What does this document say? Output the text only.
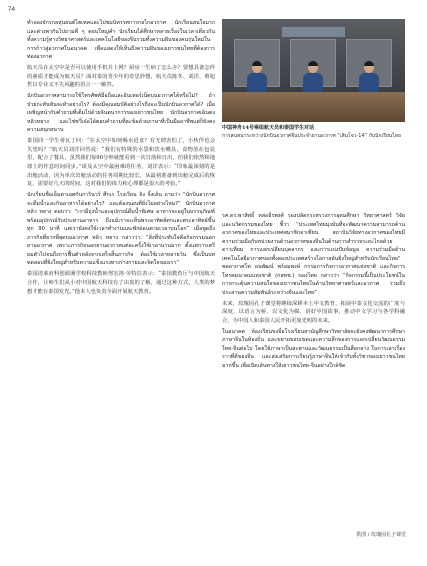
74

ทำลองจักรกลหุ่นยนต์ไฮเทคและไปชมนิทรรศการกลไกอวกาศ นักเรียนสนใจมากและต่างพากันไปถามพี่ ๆ ตอบใหญ่คำ นักเรียนได้ศึกษาหลายเรื่องในเวลาเดียวกัน ทั้งความรู้ทางวิทยาศาสตร์และเทคโนโลยีของจีนรวมทั้งความฝันของคนรุ่นใหม่ในการก้าวสู่อวกาศในอนาคต เพื่อแสดงให้เห็นถึงความฝันของเยาวชนไทยที่ต้องการท่องอวกาศ

航天员在太空中是否可以使用手机并上网？厨房一生病了怎么办？要想具备怎样的素质才能成为航天员？面对泰国青少年的奇思妙想，航天员陈冬、刘洋、蔡旭哲以专业又不失风趣的语言一一解答。

นักบินอวกาศสามารถใช้โทรศัพท์มือถือและอินเทอร์เน็ตบนอวกาศได้หรือไม่? ถ้าป่วยกะทันหันจะทำอย่างไร? ต้องมีคุณสมบัติอย่างไรถึงจะเป็นนักบินอวกาศได้? เมื่อเผชิญหน้ากับคำถามที่เต็มไปด้วยจินตนาการของเยาวชนไทย นักบินอวกาศเฉินตง หลิวหยาง และไช่ซวี่เจ๋อได้ตอบคำถามที่ละข้อด้วยภาษาที่เป็นมืออาชีพแต่ก็ยังคงความสนุกสนาน

泰国同一学生蒂瓦丁问：“在太空中如何喝水进食？有无谓害怕了，小伙伴也会失望吗？”航天员刘洋回答说：“我们有特殊的水袋和饮水嘴具，食物放在包装里，配合了餐具，虽然我们每90分钟就能看到一次日落和日出，但我们依然和地球上的作息时间同步。”谈及太空中最困难的任务，刘洋表示：“印象最深刻的是出舱活动，因为单次出舱活动的任务周期比较长，从最初准备到出舱完成后的恢复，需要好几天的时间，这对我们的体力和心理都是很大的考验。”

นักเรียนชื่อเอ็มตาเอศกันการินวร์ ศึกเร โรงเรียน จิง จิ้งเส้น ถามว่า “นักบินอวกาศจะดื่มน้ำและกินอาหารได้อย่างไร? และต้องนอนที่ยั่งไม่อย่างไหม?” นักบินอวกาศหลิว หยาง ตอบว่า: “เรามีถุงน้ำและอุปกรณ์ดื่มน้ำพิเศษ อาหารจะอยู่ในบรรจุภัณฑ์ พร้อมอุปกรณ์รับประทานอาหาร ถึงแม้เราจะเห็นพระอาทิตย์ตกและพระอาทิตย์ขึ้นทุก 90 นาที แต่เรายังคงใช้เวลาทำงานและพักผ่อนตามเวลาบนโลก” เมื่อพูดถึงภารกิจที่ยากที่สุดบนอวกาศ หลิว หยาง กล่าวว่า: “สิ่งที่ประทับใจคือกิจกรรมนอกยานอวกาศ เพราะภารกิจนอกยานอวกาศแต่ละครั้งใช้เวลานานมาก ตั้งแต่การเตรียมตัวไปจนถึงการฟื้นตัวหลังจากเสร็จสิ้นภารกิจ ต้องใช้เวลาหลายวัน ซึ่งเป็นบททดสอบที่ยิ่งใหญ่สำหรับความแข็งแรงทางร่างกายและจิตใจของเรา”

泰国清莱府科创源溪学校科技教师努宏洛·劳特拉表示：“泰国教育厅与中国航天合作，让师生们从小对中国航天科技有了由衷的了解，通过这种方式，人类的梦想才能在泰国发光。”他本人也负责全面开展航天教育。

中国神舟14号乘组航天员和泰国学生对话
การสนทนาระหว่างนักบินอวกาศจีนประจำยานอวกาศ “เสินโจว-14” กับนักเรียนไทย

รศ.ดร.พาสิทธิ์ หล่อธีรพงศ์ รองปลัดกระทรวงการอุดมศึกษา วิทยาศาสตร์ วิจัยและนวัตกรรมของไทย ชี้ว่า “ประเทศไทยมุ่งมั่นที่จะพัฒนาความสามารถด้านอวกาศของไทยและประเทศสมาชิกอาเซียน สถาบันวิจัยทางอวกาศของไทยมีความร่วมมือกับหน่วยงานด้านอวกาศของจีนในด้านการสำรวจระยะไกลด้วยดาวเทียม การแลกเปลี่ยนบุคลากร และการแบ่งปันข้อมูล ความร่วมมือด้านเทคโนโลยีอวกาศของทั้งสองประเทศสร้างโอกาสอันยิ่งใหญ่สำหรับนักเรียนไทย” พลอากาศโท อนพัฒน์ พร้อมพงษ์ กรรมการกิจการอวกาศแห่งชาติ และกิจการโทรคมนาคมแห่งชาติ (กสทช.) ของไทย กล่าวว่า “กิจกรรมนี้เป็นประโยชน์ในการกระตุ้นความสนใจของเยาวชนไทยในด้านวิทยาศาสตร์และอวกาศ รวมถึงประสานความสัมพันธ์ระหว่างจีนและไทย”

未来，玫瑰园孔子课堂将继续深耕本土中文教育，拓展中泰文化交流的广度与深度，以语言为桥、以文化为媒，讲好中国故事，推动中文学习与各学科融合，为中国人和泰国人民开拓更加光明的未来。

ในอนาคต ห้องเรียนขงจื่อโรงเรียนสามัญศึกษาวิทยาลัยจะยังคงพัฒนาการศึกษาภาษาจีนในท้องถิ่น และขยายขอบเขตและความลึกของการแลกเปลี่ยนวัฒนธรรมไทย-จีนต่อไป โดยใช้ภาษาเป็นสะพานและวัฒนธรรมเป็นสื่อกลาง ในการเล่าเรื่องราวที่ดีของจีน และส่งเสริมการเรียนรู้ภาษาจีนให้เข้ากับทั้งวิชาของเยาวชนไทยมากขึ้น เพื่อเปิดเส้นทางให้เยาวชนไทย-จีนอย่างใกล้ชิด

供图 / 玫瑰园孔子课堂
